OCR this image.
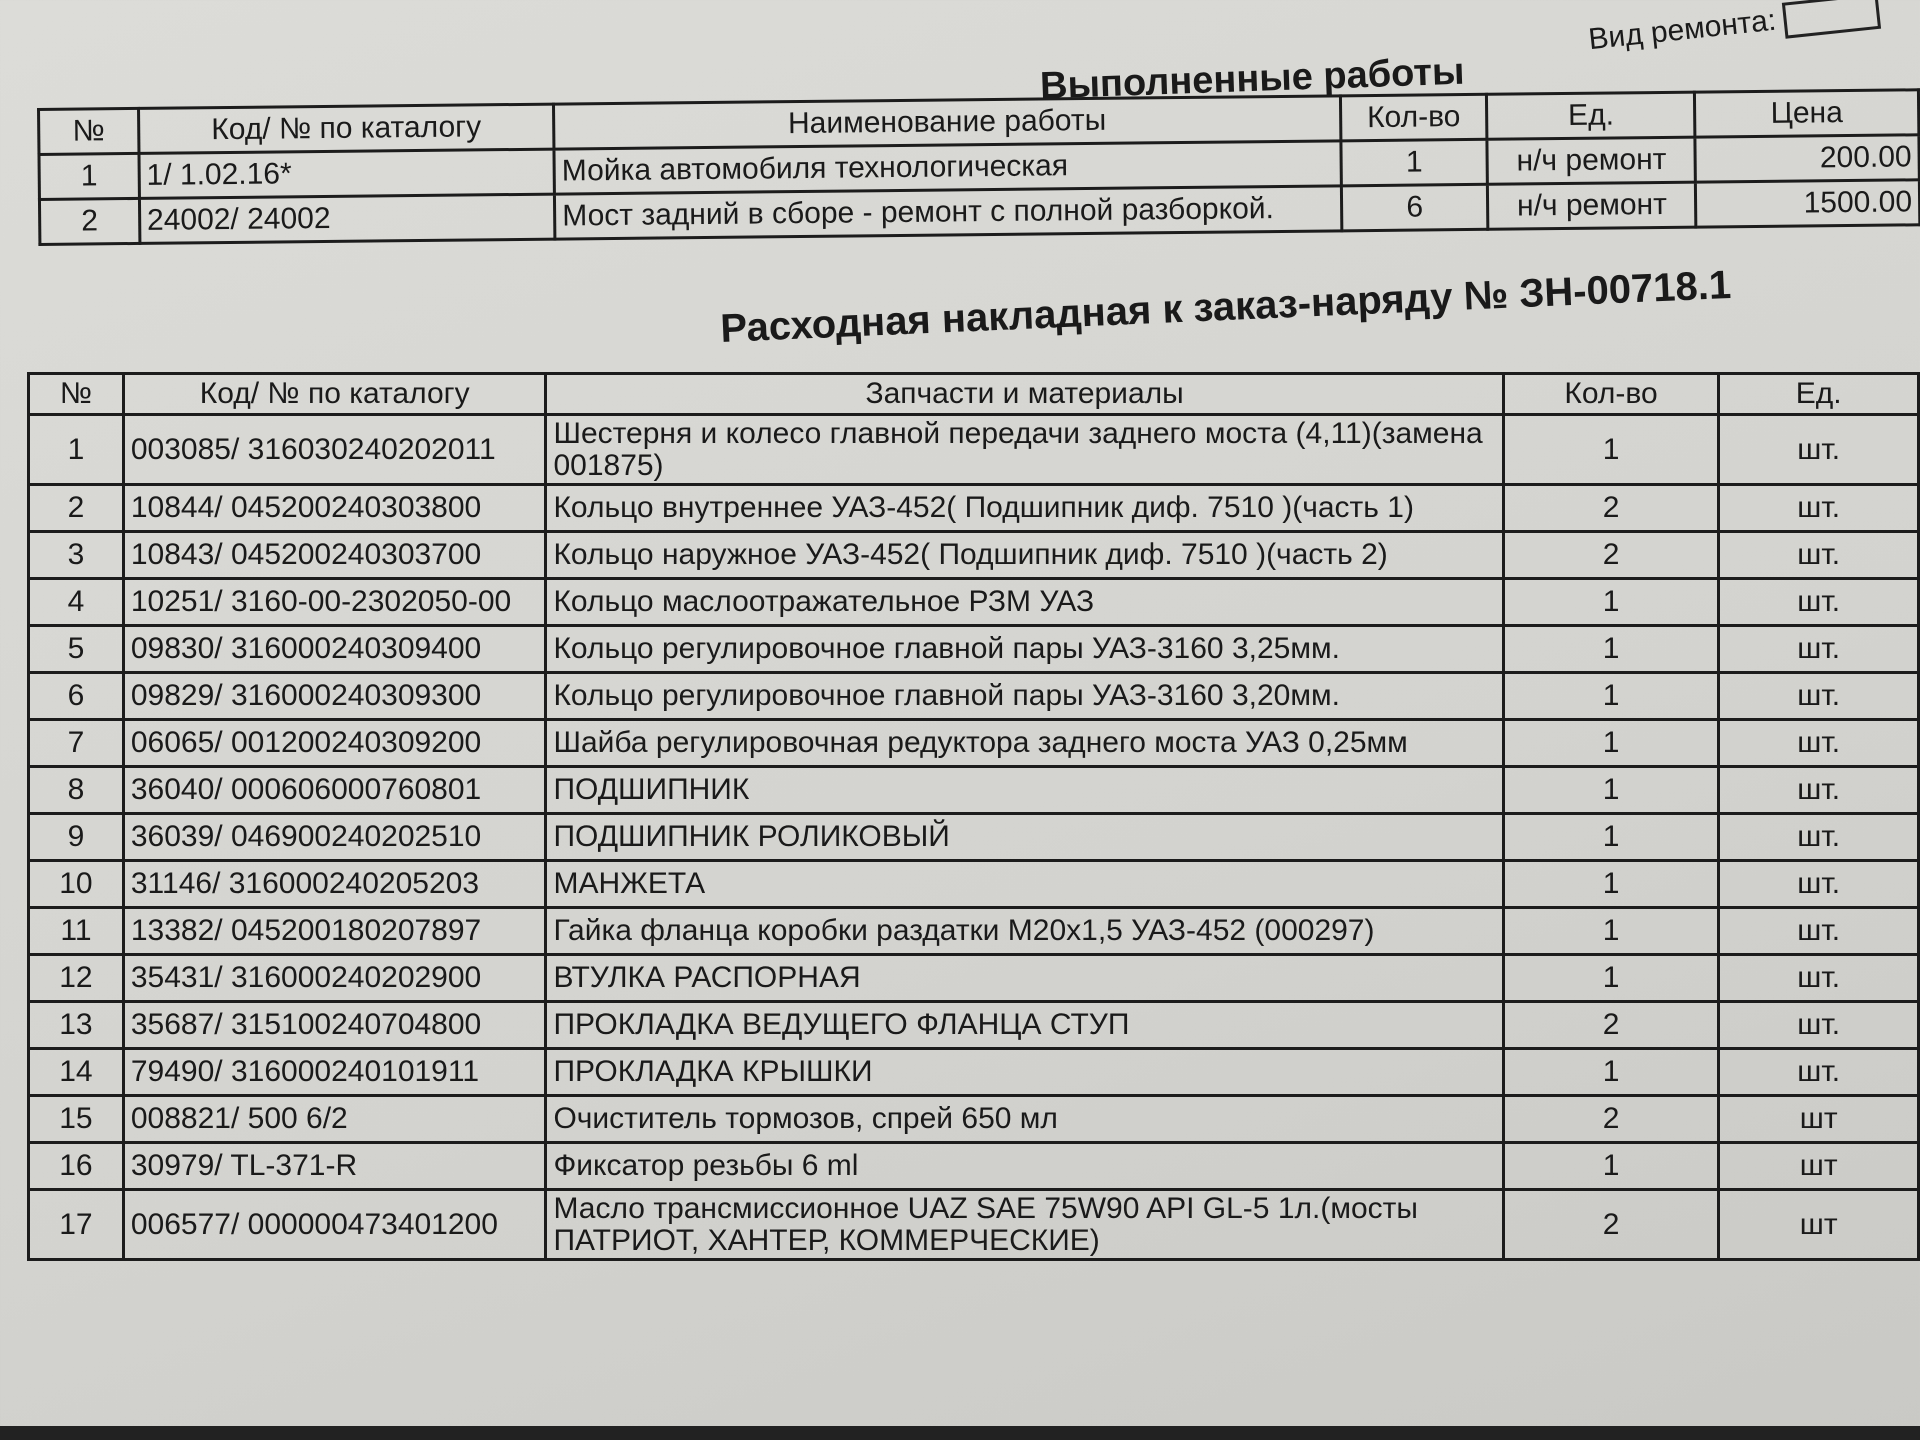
Вид ремонта:
Выполненные работы
№	Код/ № по каталогу	Наименование работы	Кол-во	Ед.	Цена
1	1/ 1.02.16*	Мойка автомобиля технологическая	1	н/ч ремонт	200.00
2	24002/ 24002	Мост задний в сборе - ремонт с полной разборкой.	6	н/ч ремонт	1500.00
Расходная накладная к заказ-наряду № ЗН-00718.1
№	Код/ № по каталогу	Запчасти и материалы	Кол-во	Ед.
1	003085/ 316030240202011	Шестерня и колесо главной передачи заднего моста (4,11)(замена 001875)	1	шт.
2	10844/ 045200240303800	Кольцо внутреннее УАЗ-452( Подшипник диф. 7510 )(часть 1)	2	шт.
3	10843/ 045200240303700	Кольцо наружное УАЗ-452( Подшипник диф. 7510 )(часть 2)	2	шт.
4	10251/ 3160-00-2302050-00	Кольцо маслоотражательное РЗМ УАЗ	1	шт.
5	09830/ 316000240309400	Кольцо регулировочное главной пары УАЗ-3160 3,25мм.	1	шт.
6	09829/ 316000240309300	Кольцо регулировочное главной пары УАЗ-3160 3,20мм.	1	шт.
7	06065/ 001200240309200	Шайба регулировочная редуктора заднего моста УАЗ 0,25мм	1	шт.
8	36040/ 000606000760801	ПОДШИПНИК	1	шт.
9	36039/ 046900240202510	ПОДШИПНИК РОЛИКОВЫЙ	1	шт.
10	31146/ 316000240205203	МАНЖЕТА	1	шт.
11	13382/ 045200180207897	Гайка фланца коробки раздатки М20х1,5 УАЗ-452 (000297)	1	шт.
12	35431/ 316000240202900	ВТУЛКА РАСПОРНАЯ	1	шт.
13	35687/ 315100240704800	ПРОКЛАДКА ВЕДУЩЕГО ФЛАНЦА СТУП	2	шт.
14	79490/ 316000240101911	ПРОКЛАДКА КРЫШКИ	1	шт.
15	008821/ 500 6/2	Очиститель тормозов, спрей 650 мл	2	шт
16	30979/ TL-371-R	Фиксатор резьбы 6 ml	1	шт
17	006577/ 000000473401200	Масло трансмиссионное UAZ SAE 75W90 API GL-5 1л.(мосты ПАТРИОТ, ХАНТЕР, КОММЕРЧЕСКИЕ)	2	шт
